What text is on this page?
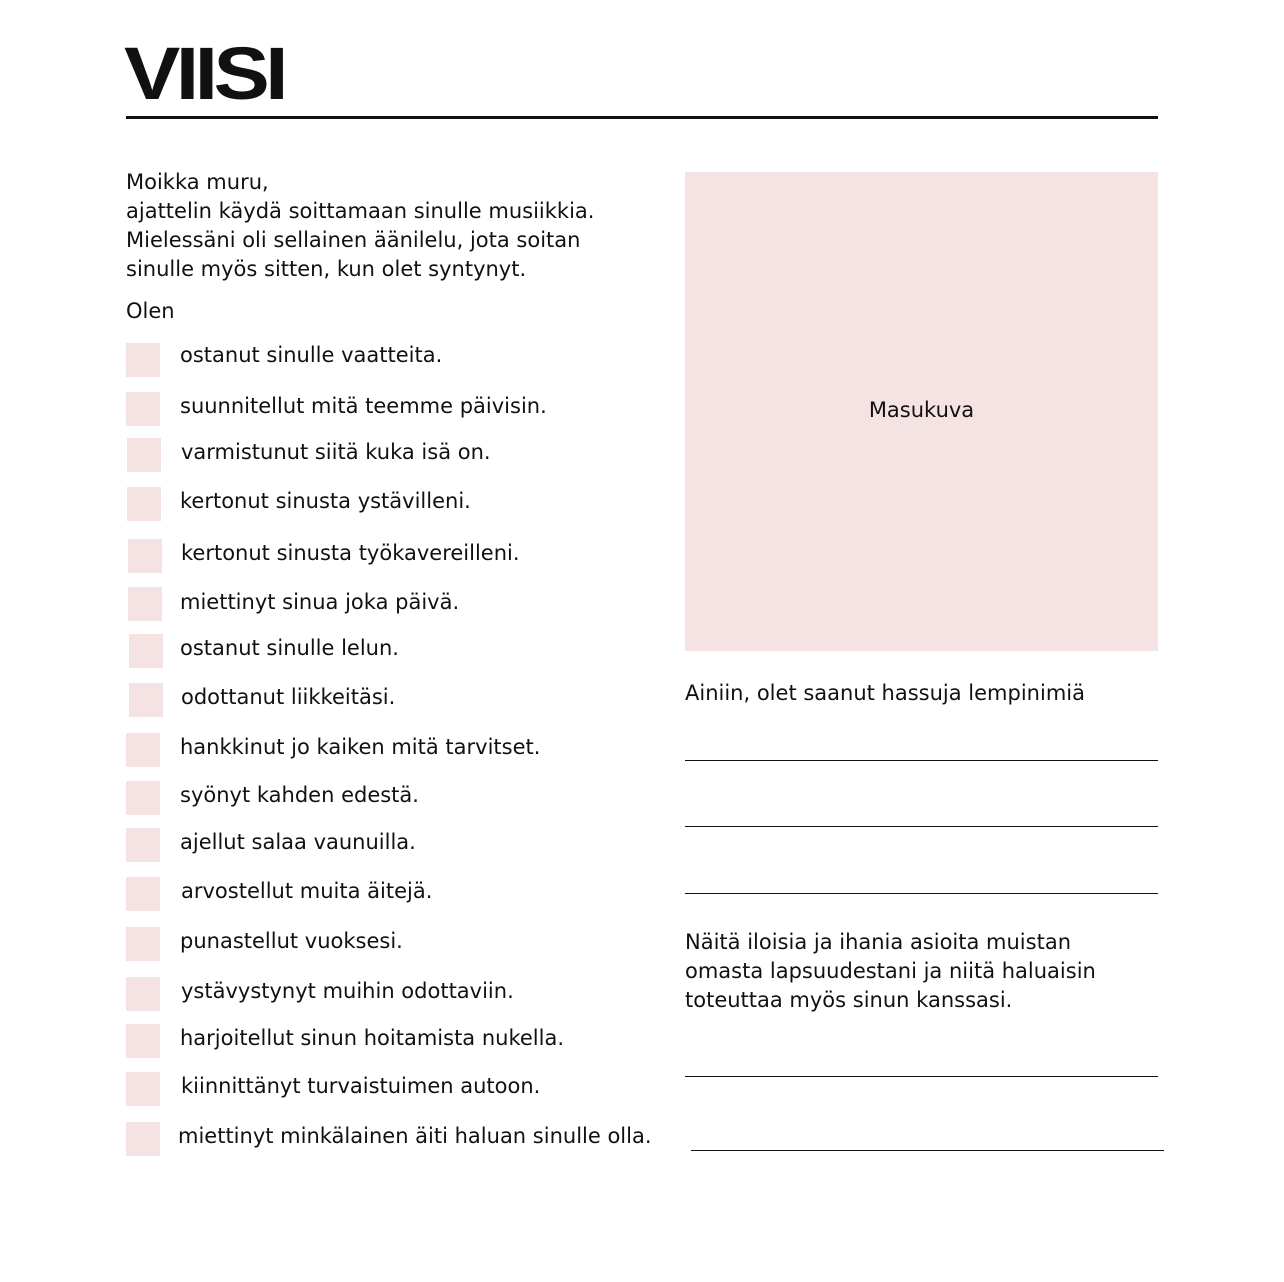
VIISI

Moikka muru,
ajattelin käydä soittamaan sinulle musiikkia.
Mielessäni oli sellainen äänilelu, jota soitan
sinulle myös sitten, kun olet syntynyt.

Olen

ostanut sinulle vaatteita.
suunnitellut mitä teemme päivisin.
varmistunut siitä kuka isä on.
kertonut sinusta ystävilleni.
kertonut sinusta työkavereilleni.
miettinyt sinua joka päivä.
ostanut sinulle lelun.
odottanut liikkeitäsi.
hankkinut jo kaiken mitä tarvitset.
syönyt kahden edestä.
ajellut salaa vaunuilla.
arvostellut muita äitejä.
punastellut vuoksesi.
ystävystynyt muihin odottaviin.
harjoitellut sinun hoitamista nukella.
kiinnittänyt turvaistuimen autoon.
miettinyt minkälainen äiti haluan sinulle olla.
Masukuva

Ainiin, olet saanut hassuja lempinimiä

Näitä iloisia ja ihania asioita muistan
omasta lapsuudestani ja niitä haluaisin
toteuttaa myös sinun kanssasi.
